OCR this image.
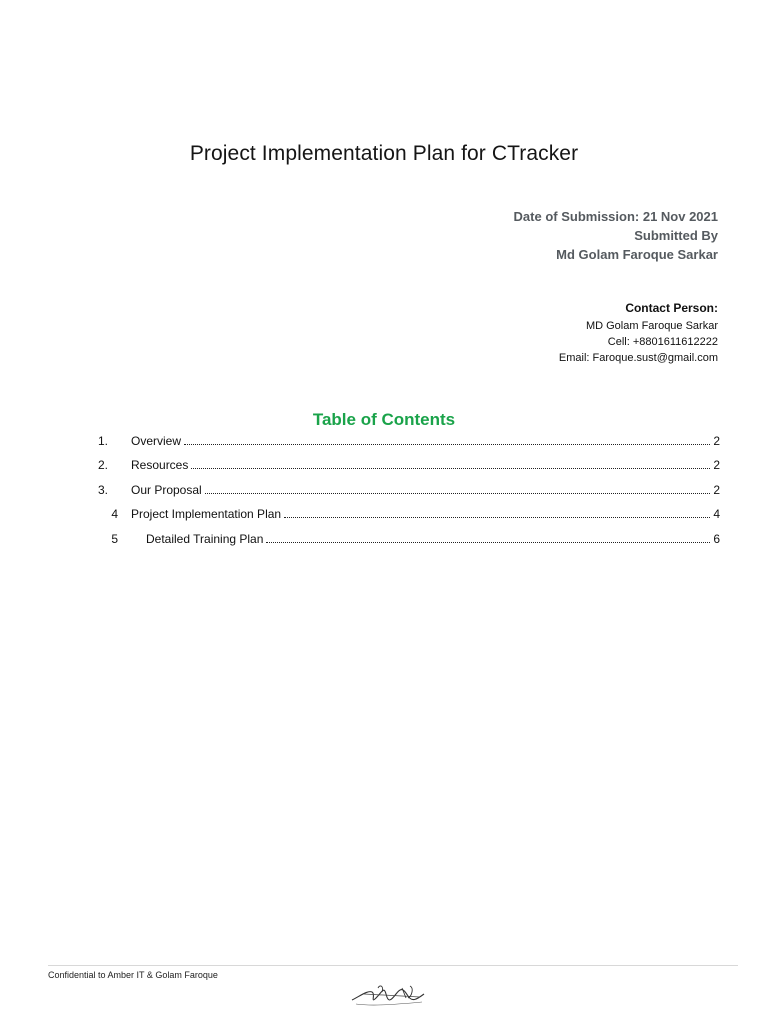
Project Implementation Plan for CTracker
Date of Submission: 21 Nov 2021
Submitted By
Md Golam Faroque Sarkar
Contact Person:
MD Golam Faroque Sarkar
Cell: +8801611612222
Email: Faroque.sust@gmail.com
Table of Contents
1. Overview	2
2. Resources	2
3. Our Proposal	2
4 Project Implementation Plan	4
5 Detailed Training Plan	6
Confidential to Amber IT & Golam Faroque
